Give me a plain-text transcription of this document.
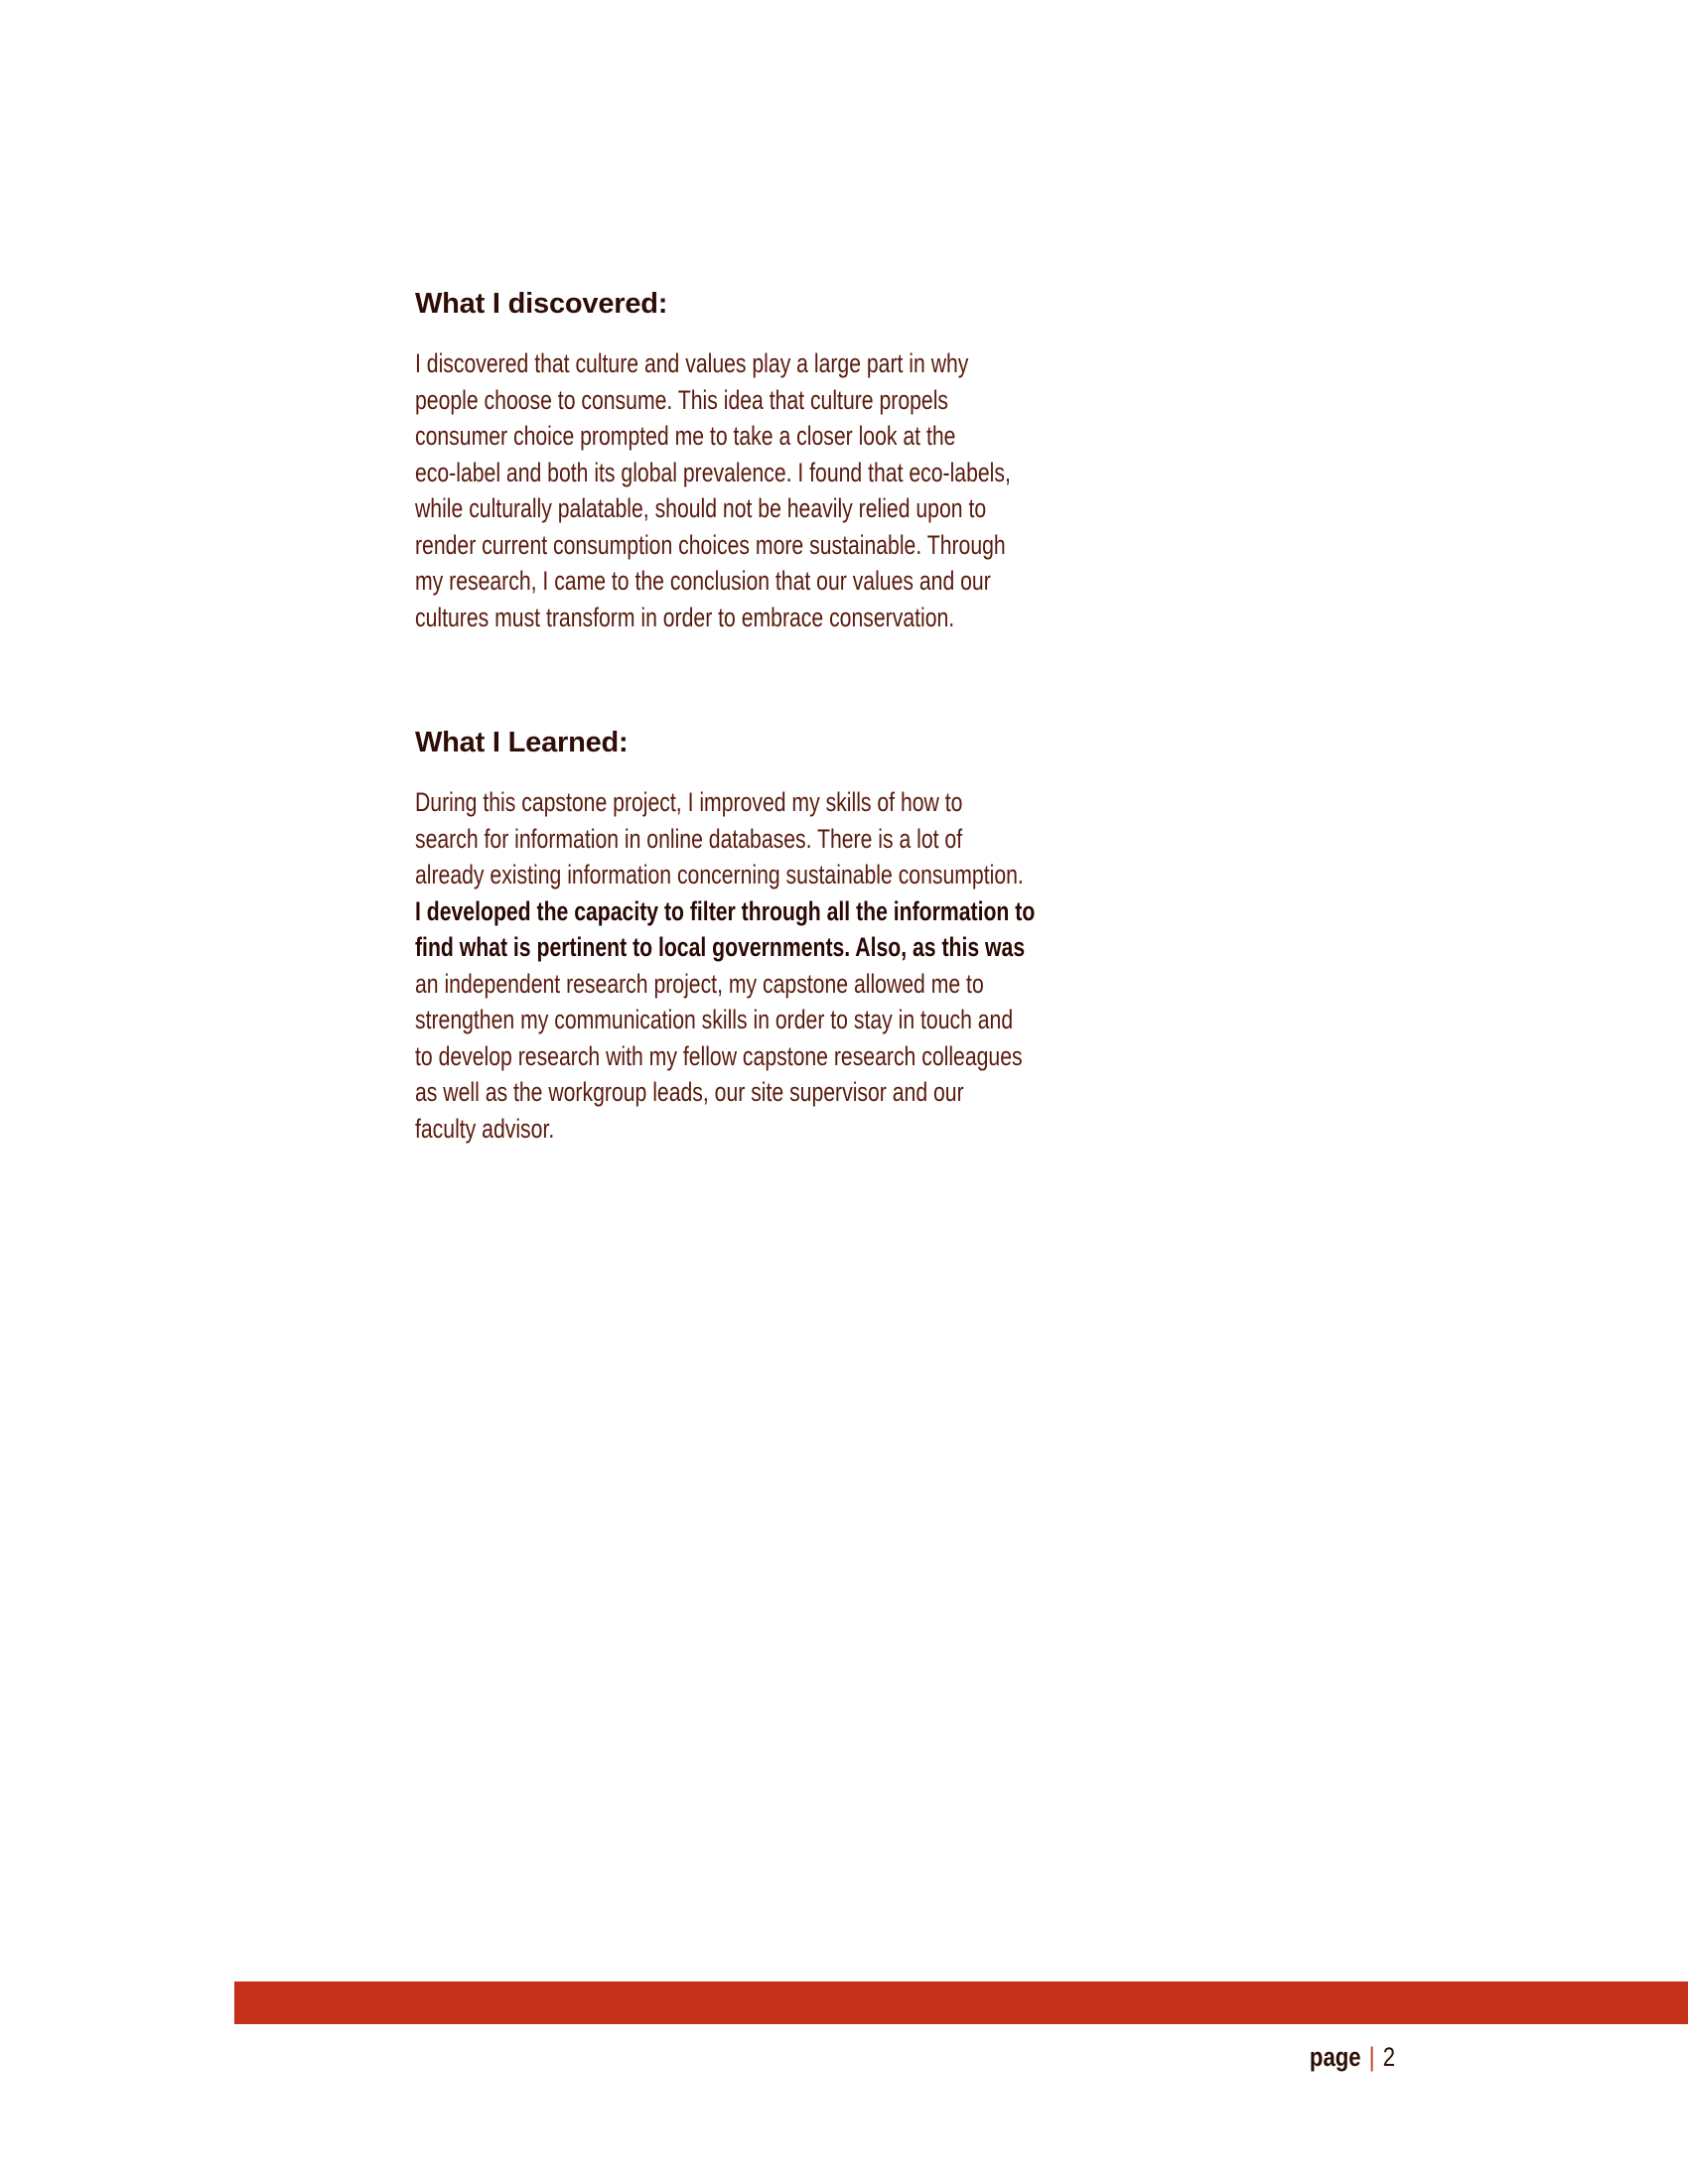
What I discovered:

I discovered that culture and values play a large part in why
people choose to consume. This idea that culture propels
consumer choice prompted me to take a closer look at the
eco-label and both its global prevalence. I found that eco-labels,
while culturally palatable, should not be heavily relied upon to
render current consumption choices more sustainable. Through
my research, I came to the conclusion that our values and our
cultures must transform in order to embrace conservation.

What I Learned:

During this capstone project, I improved my skills of how to
search for information in online databases. There is a lot of
already existing information concerning sustainable consumption.
I developed the capacity to filter through all the information to
find what is pertinent to local governments. Also, as this was
an independent research project, my capstone allowed me to
strengthen my communication skills in order to stay in touch and
to develop research with my fellow capstone research colleagues
as well as the workgroup leads, our site supervisor and our
faculty advisor.

page | 2
